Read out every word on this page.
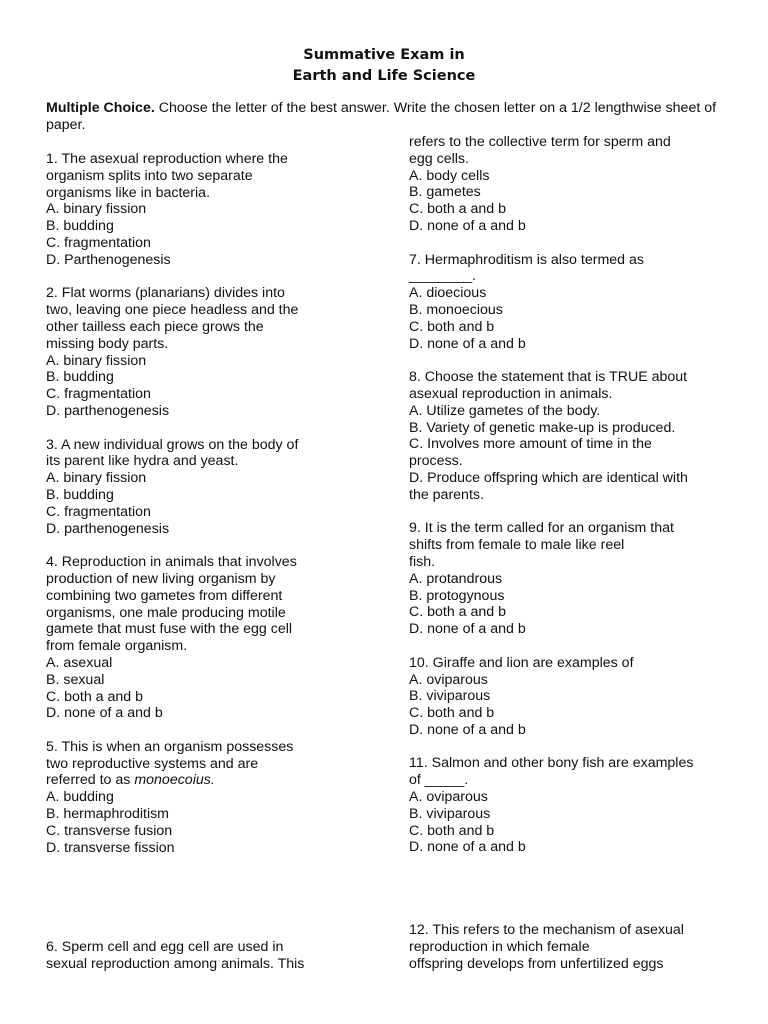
Summative Exam in
Earth and Life Science
Multiple Choice. Choose the letter of the best answer. Write the chosen letter on a 1/2 lengthwise sheet of paper.

1. The asexual reproduction where the

organism splits into two separate

organisms like in bacteria.

A. binary fission

B. budding

C. fragmentation

D. Parthenogenesis

2. Flat worms (planarians) divides into

two, leaving one piece headless and the

other tailless each piece grows the

missing body parts.

A. binary fission

B. budding

C. fragmentation

D. parthenogenesis

3. A new individual grows on the body of

its parent like hydra and yeast.

A. binary fission

B. budding

C. fragmentation

D. parthenogenesis

4. Reproduction in animals that involves

production of new living organism by

combining two gametes from different

organisms, one male producing motile

gamete that must fuse with the egg cell

from female organism.

A. asexual

B. sexual

C. both a and b

D. none of a and b

5. This is when an organism possesses

two reproductive systems and are

referred to as monoecoius.

A. budding

B. hermaphroditism

C. transverse fusion

D. transverse fission

6. Sperm cell and egg cell are used in

sexual reproduction among animals. This

refers to the collective term for sperm and

egg cells.

A. body cells

B. gametes

C. both a and b

D. none of a and b

7. Hermaphroditism is also termed as

________.

A. dioecious

B. monoecious

C. both and b

D. none of a and b

8. Choose the statement that is TRUE about

asexual reproduction in animals.

A. Utilize gametes of the body.

B. Variety of genetic make-up is produced.

C. Involves more amount of time in the

process.

D. Produce offspring which are identical with

the parents.

9. It is the term called for an organism that

shifts from female to male like reel

fish.

A. protandrous

B. protogynous

C. both a and b

D. none of a and b

10. Giraffe and lion are examples of

A. oviparous

B. viviparous

C. both and b

D. none of a and b

11. Salmon and other bony fish are examples

of _____.

A. oviparous

B. viviparous

C. both and b

D. none of a and b

12. This refers to the mechanism of asexual

reproduction in which female

offspring develops from unfertilized eggs
